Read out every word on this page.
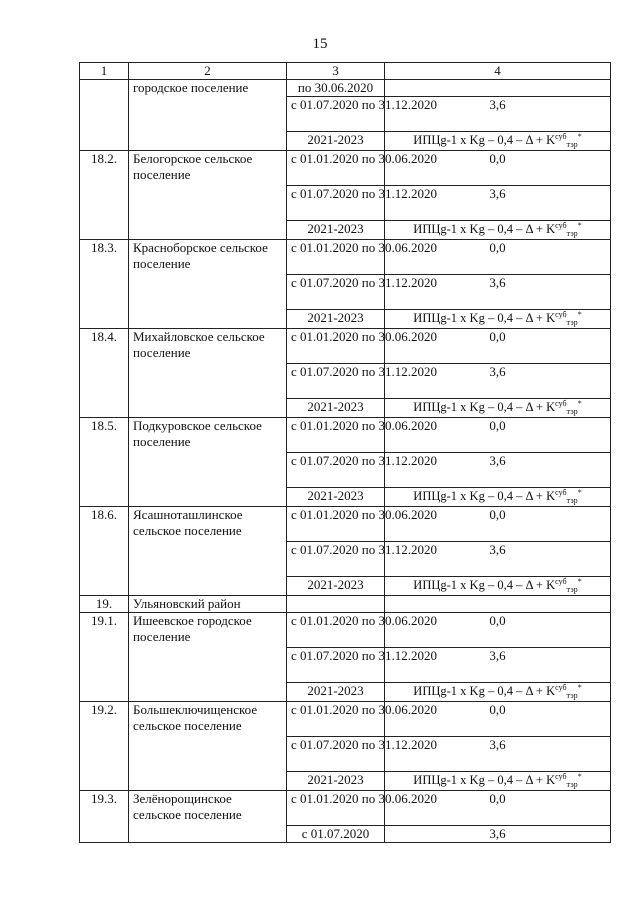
15
1	2	3	4
	городское поселение	по 30.06.2020	
		с 01.07.2020 по 31.12.2020	3,6
		2021-2023	ИПЦg-1 x $Kg - 0,4 - \Delta + K^{суб}_{тэр}^*$
18.2.	Белогорское сельское поселение	с 01.01.2020 по 30.06.2020	0,0
		с 01.07.2020 по 31.12.2020	3,6
		2021-2023	ИПЦg-1 x $Kg - 0,4 - \Delta + K^{суб}_{тэр}^*$
18.3.	Красноборское сельское поселение	с 01.01.2020 по 30.06.2020	0,0
		с 01.07.2020 по 31.12.2020	3,6
		2021-2023	ИПЦg-1 x $Kg - 0,4 - \Delta + K^{суб}_{тэр}^*$
18.4.	Михайловское сельское поселение	с 01.01.2020 по 30.06.2020	0,0
		с 01.07.2020 по 31.12.2020	3,6
		2021-2023	ИПЦg-1 x $Kg - 0,4 - \Delta + K^{суб}_{тэр}^*$
18.5.	Подкуровское сельское поселение	с 01.01.2020 по 30.06.2020	0,0
		с 01.07.2020 по 31.12.2020	3,6
		2021-2023	ИПЦg-1 x $Kg - 0,4 - \Delta + K^{суб}_{тэр}^*$
18.6.	Ясашноташлинское сельское поселение	с 01.01.2020 по 30.06.2020	0,0
		с 01.07.2020 по 31.12.2020	3,6
		2021-2023	ИПЦg-1 x $Kg - 0,4 - \Delta + K^{суб}_{тэр}^*$
19.	Ульяновский район		
19.1.	Ишеевское городское поселение	с 01.01.2020 по 30.06.2020	0,0
		с 01.07.2020 по 31.12.2020	3,6
		2021-2023	ИПЦg-1 x $Kg - 0,4 - \Delta + K^{суб}_{тэр}^*$
19.2.	Большеключищенское сельское поселение	с 01.01.2020 по 30.06.2020	0,0
		с 01.07.2020 по 31.12.2020	3,6
		2021-2023	ИПЦg-1 x $Kg - 0,4 - \Delta + K^{суб}_{тэр}^*$
19.3.	Зелёнорощинское сельское поселение	с 01.01.2020 по 30.06.2020	0,0
		с 01.07.2020	3,6
